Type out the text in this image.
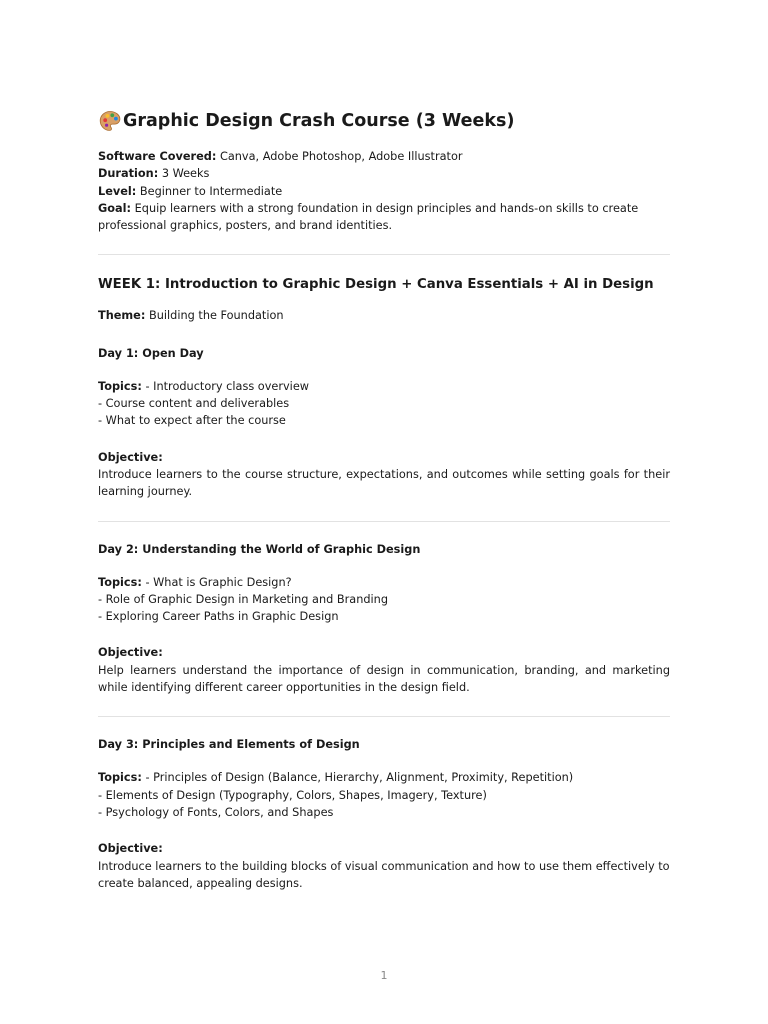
Graphic Design Crash Course (3 Weeks)

Software Covered: Canva, Adobe Photoshop, Adobe Illustrator

Duration: 3 Weeks

Level: Beginner to Intermediate

Goal: Equip learners with a strong foundation in design principles and hands-on skills to create professional graphics, posters, and brand identities.

WEEK 1: Introduction to Graphic Design + Canva Essentials + AI in Design

Theme: Building the Foundation

Day 1: Open Day

Topics: - Introductory class overview

- Course content and deliverables

- What to expect after the course

Objective:

Introduce learners to the course structure, expectations, and outcomes while setting goals for their learning journey.

Day 2: Understanding the World of Graphic Design

Topics: - What is Graphic Design?

- Role of Graphic Design in Marketing and Branding

- Exploring Career Paths in Graphic Design

Objective:

Help learners understand the importance of design in communication, branding, and marketing while identifying different career opportunities in the design field.

Day 3: Principles and Elements of Design

Topics: - Principles of Design (Balance, Hierarchy, Alignment, Proximity, Repetition)

- Elements of Design (Typography, Colors, Shapes, Imagery, Texture)

- Psychology of Fonts, Colors, and Shapes

Objective:

Introduce learners to the building blocks of visual communication and how to use them effectively to create balanced, appealing designs.

1
